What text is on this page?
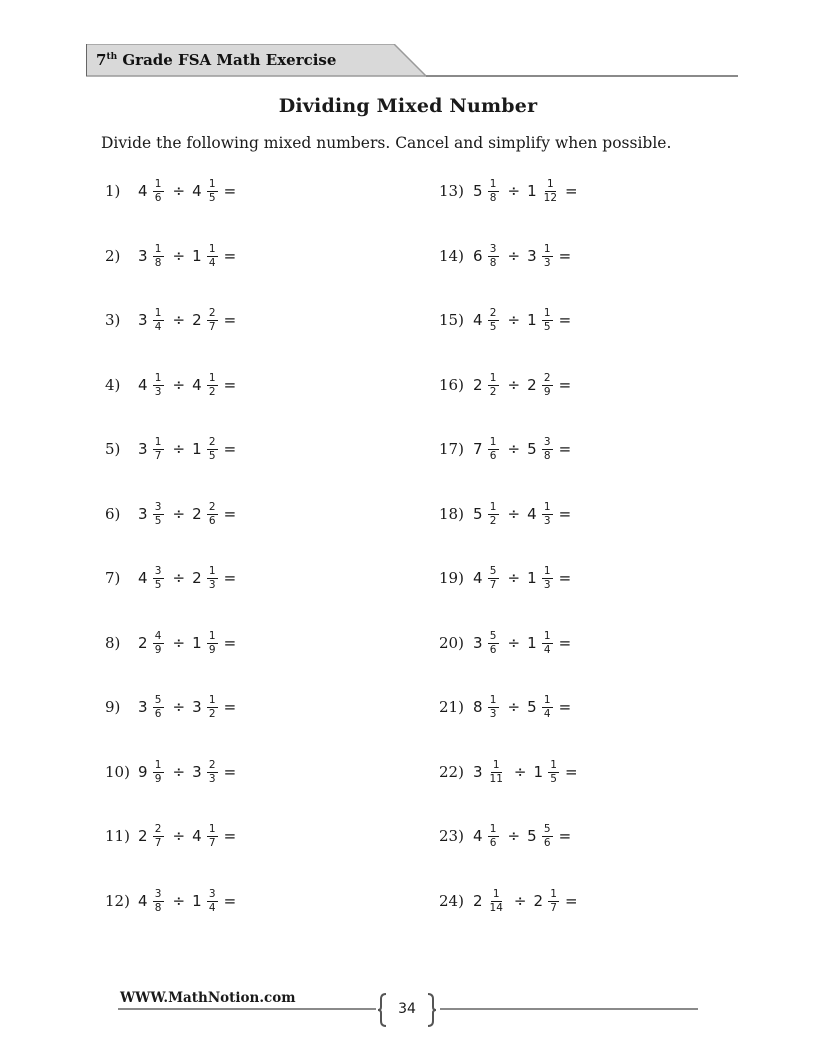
7th Grade FSA Math Exercise
Dividing Mixed Number
Divide the following mixed numbers. Cancel and simplify when possible.
1)	$4 \frac{1}{6} \div 4 \frac{1}{5}$ =
2)	$3 \frac{1}{8} \div 1 \frac{1}{4}$ =
3)	$3 \frac{1}{4} \div 2 \frac{2}{7}$ =
4)	$4 \frac{1}{3} \div 4 \frac{1}{2}$ =
5)	$3 \frac{1}{7} \div 1 \frac{2}{5}$ =
6)	$3 \frac{3}{5} \div 2 \frac{2}{6}$ =
7)	$4 \frac{3}{5} \div 2 \frac{1}{3}$ =
8)	$2 \frac{4}{9} \div 1 \frac{1}{9}$ =
9)	$3 \frac{5}{6} \div 3 \frac{1}{2}$ =
10) $9 \frac{1}{9} \div 3 \frac{2}{3}$ =
11) $2 \frac{2}{7} \div 4 \frac{1}{7}$ =
12) $4 \frac{3}{8} \div 1 \frac{3}{4}$ =
13) $5 \frac{1}{8} \div 1 \frac{1}{12}$ =
14) $6 \frac{3}{8} \div 3 \frac{1}{3}$ =
15) $4 \frac{2}{5} \div 1 \frac{1}{5}$ =
16) $2 \frac{1}{2} \div 2 \frac{2}{9}$ =
17) $7 \frac{1}{6} \div 5 \frac{3}{8}$ =
18) $5 \frac{1}{2} \div 4 \frac{1}{3}$ =
19) $4 \frac{5}{7} \div 1 \frac{1}{3}$ =
20) $3 \frac{5}{6} \div 1 \frac{1}{4}$ =
21) $8 \frac{1}{3} \div 5 \frac{1}{4}$ =
22) $3 \frac{1}{11} \div 1 \frac{1}{5}$ =
23) $4 \frac{1}{6} \div 5 \frac{5}{6}$ =
24) $2 \frac{1}{14} \div 2 \frac{1}{7}$ =
WWW.MathNotion.com
34
